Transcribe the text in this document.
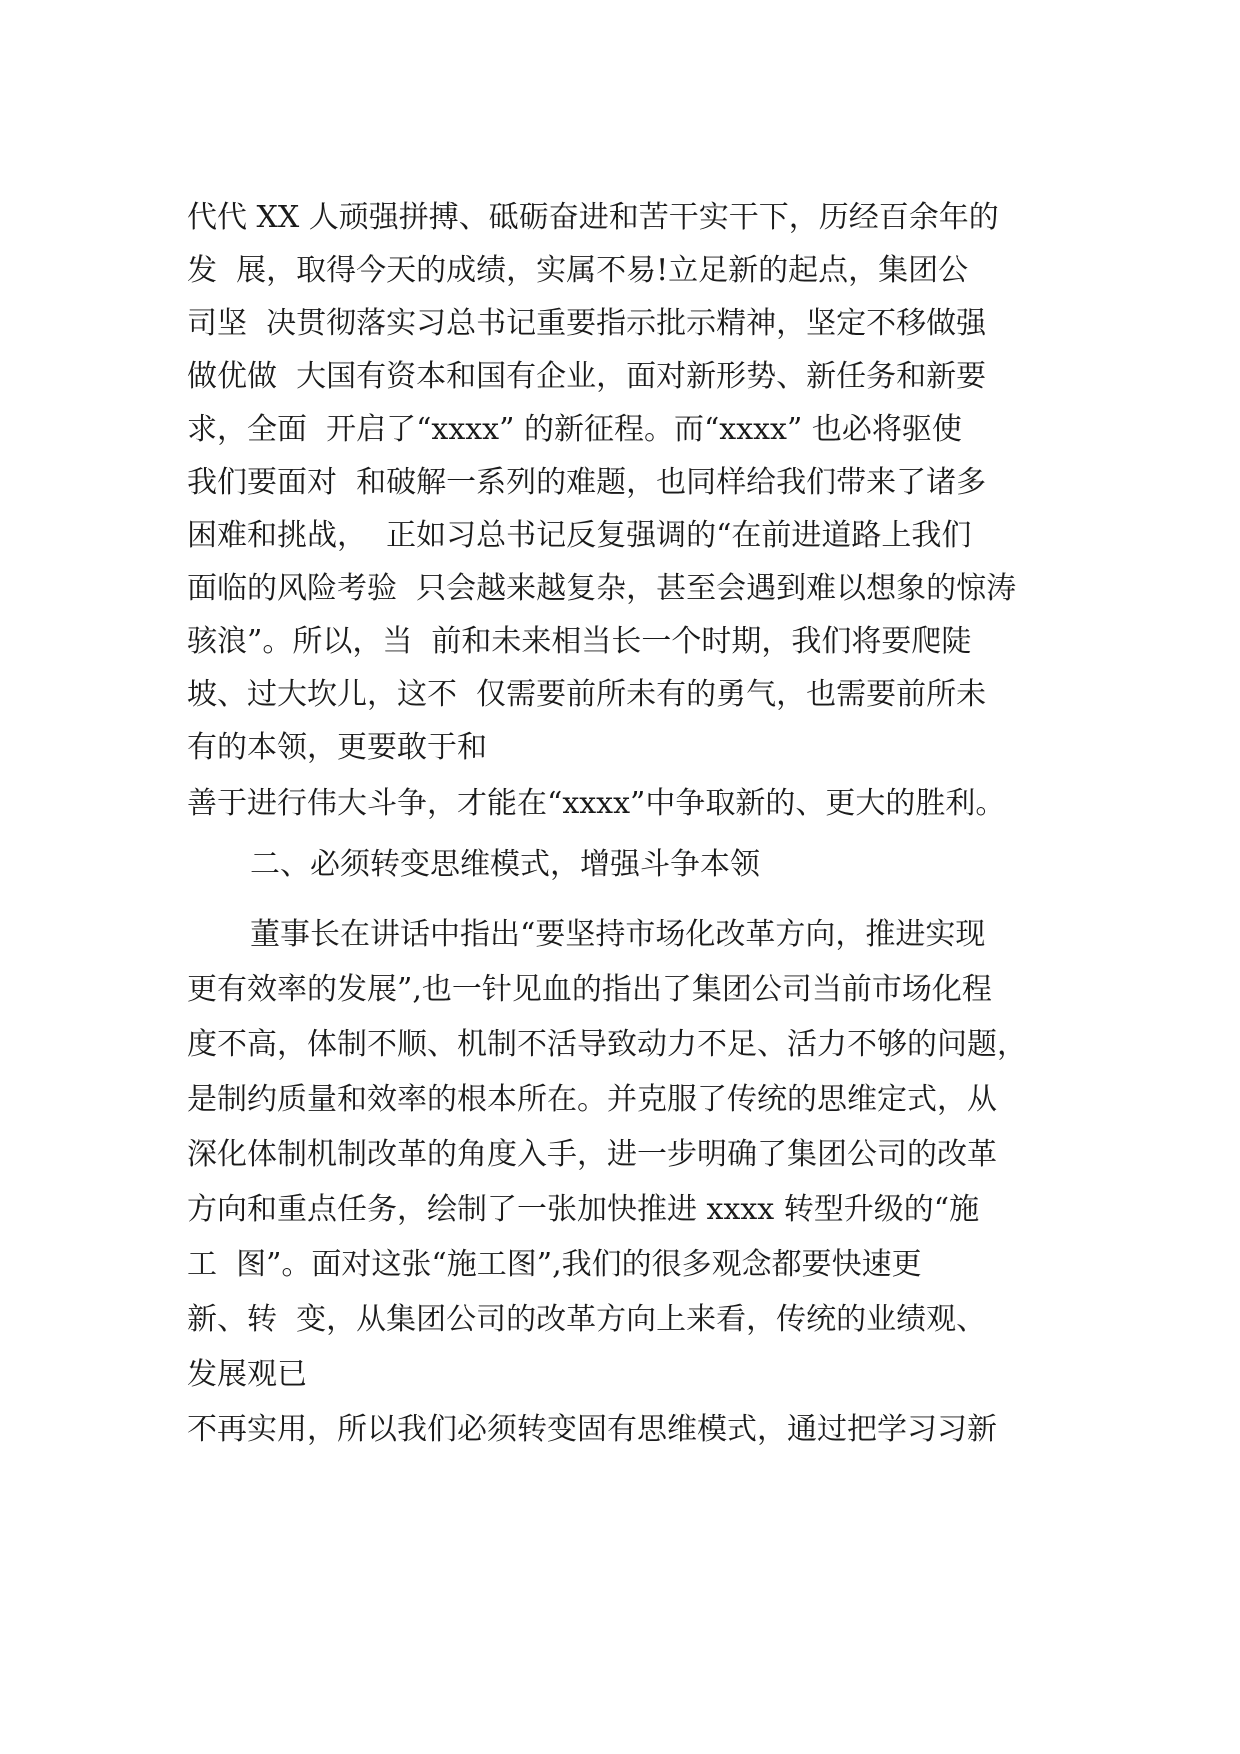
代代 XX 人顽强拼搏、砥砺奋进和苦干实干下，历经百余年的
发  展，取得今天的成绩，实属不易!立足新的起点，集团公
司坚  决贯彻落实习总书记重要指示批示精神，坚定不移做强
做优做  大国有资本和国有企业，面对新形势、新任务和新要
求，全面  开启了“xxxx” 的新征程。而“xxxx” 也必将驱使
我们要面对  和破解一系列的难题，也同样给我们带来了诸多
困难和挑战，  正如习总书记反复强调的“在前进道路上我们
面临的风险考验  只会越来越复杂，甚至会遇到难以想象的惊涛
骇浪”。所以，当  前和未来相当长一个时期，我们将要爬陡
坡、过大坎儿，这不  仅需要前所未有的勇气，也需要前所未
有的本领，更要敢于和
善于进行伟大斗争，才能在“xxxx”中争取新的、更大的胜利。
二、必须转变思维模式，增强斗争本领
董事长在讲话中指出“要坚持市场化改革方向，推进实现
更有效率的发展”,也一针见血的指出了集团公司当前市场化程
度不高，体制不顺、机制不活导致动力不足、活力不够的问题，
是制约质量和效率的根本所在。并克服了传统的思维定式，从
深化体制机制改革的角度入手，进一步明确了集团公司的改革
方向和重点任务，绘制了一张加快推进 xxxx 转型升级的“施
工  图”。面对这张“施工图”,我们的很多观念都要快速更
新、转  变，从集团公司的改革方向上来看，传统的业绩观、
发展观已
不再实用，所以我们必须转变固有思维模式，通过把学习习新
